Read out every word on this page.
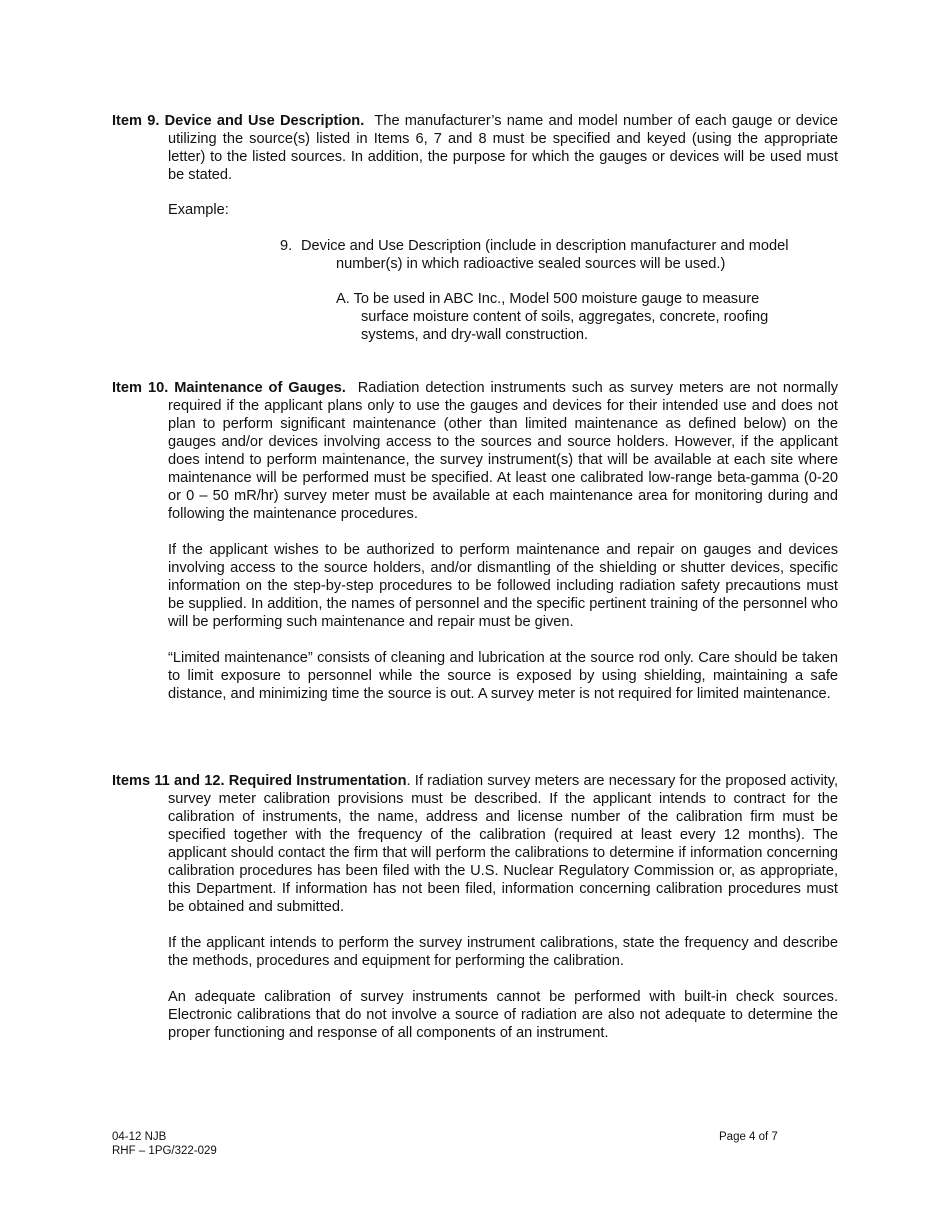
Item 9. Device and Use Description. The manufacturer’s name and model number of each gauge or device utilizing the source(s) listed in Items 6, 7 and 8 must be specified and keyed (using the appropriate letter) to the listed sources. In addition, the purpose for which the gauges or devices will be used must be stated.

Example:
9. Device and Use Description (include in description manufacturer and model
number(s) in which radioactive sealed sources will be used.)
A. To be used in ABC Inc., Model 500 moisture gauge to measure
surface moisture content of soils, aggregates, concrete, roofing
systems, and dry-wall construction.

Item 10. Maintenance of Gauges. Radiation detection instruments such as survey meters are not normally required if the applicant plans only to use the gauges and devices for their intended use and does not plan to perform significant maintenance (other than limited maintenance as defined below) on the gauges and/or devices involving access to the sources and source holders. However, if the applicant does intend to perform maintenance, the survey instrument(s) that will be available at each site where maintenance will be performed must be specified. At least one calibrated low-range beta-gamma (0-20 or 0 – 50 mR/hr) survey meter must be available at each maintenance area for monitoring during and following the maintenance procedures.

If the applicant wishes to be authorized to perform maintenance and repair on gauges and devices involving access to the source holders, and/or dismantling of the shielding or shutter devices, specific information on the step-by-step procedures to be followed including radiation safety precautions must be supplied. In addition, the names of personnel and the specific pertinent training of the personnel who will be performing such maintenance and repair must be given.

“Limited maintenance” consists of cleaning and lubrication at the source rod only. Care should be taken to limit exposure to personnel while the source is exposed by using shielding, maintaining a safe distance, and minimizing time the source is out. A survey meter is not required for limited maintenance.

Items 11 and 12. Required Instrumentation. If radiation survey meters are necessary for the proposed activity, survey meter calibration provisions must be described. If the applicant intends to contract for the calibration of instruments, the name, address and license number of the calibration firm must be specified together with the frequency of the calibration (required at least every 12 months). The applicant should contact the firm that will perform the calibrations to determine if information concerning calibration procedures has been filed with the U.S. Nuclear Regulatory Commission or, as appropriate, this Department. If information has not been filed, information concerning calibration procedures must be obtained and submitted.

If the applicant intends to perform the survey instrument calibrations, state the frequency and describe the methods, procedures and equipment for performing the calibration.

An adequate calibration of survey instruments cannot be performed with built-in check sources. Electronic calibrations that do not involve a source of radiation are also not adequate to determine the proper functioning and response of all components of an instrument.

04-12 NJB
RHF – 1PG/322-029
Page 4 of 7
